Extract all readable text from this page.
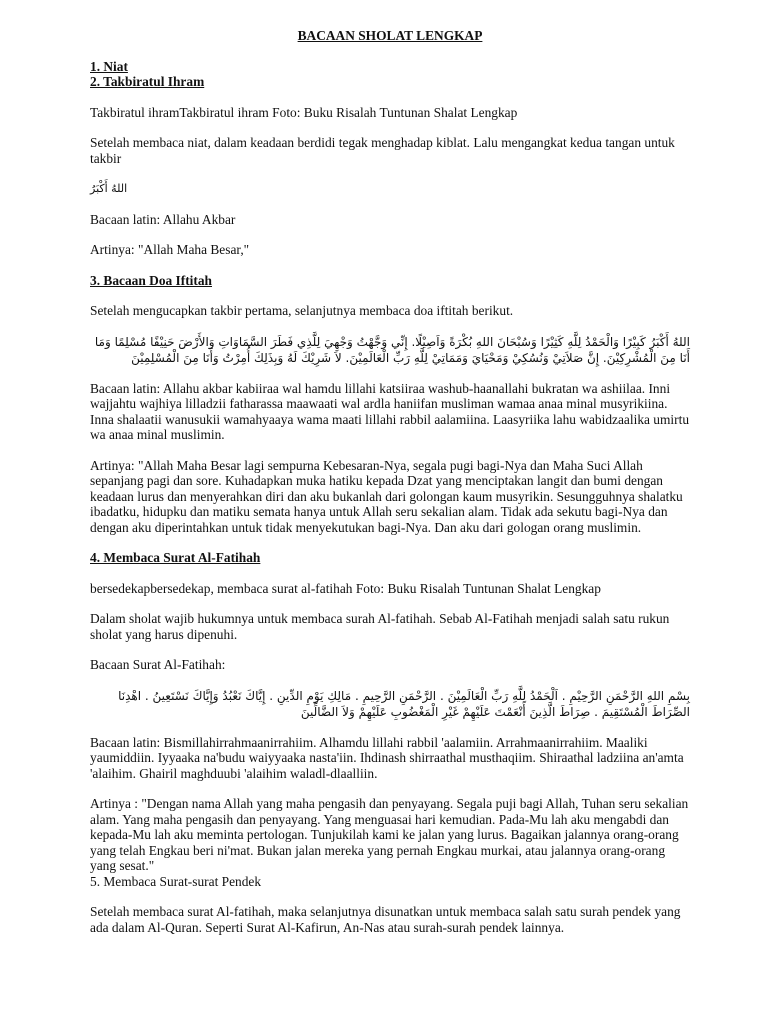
BACAAN SHOLAT LENGKAP

1. Niat

2. Takbiratul Ihram

Takbiratul ihramTakbiratul ihram Foto: Buku Risalah Tuntunan Shalat Lengkap

Setelah membaca niat, dalam keadaan berdidi tegak menghadap kiblat. Lalu mengangkat kedua tangan untuk takbir

اللهُ أَكْبَرُ

Bacaan latin: Allahu Akbar

Artinya: "Allah Maha Besar,"

3. Bacaan Doa Iftitah

Setelah mengucapkan takbir pertama, selanjutnya membaca doa iftitah berikut.

اللهُ أَكْبَرُ كَبِيْرًا وَالْحَمْدُ لِلَّهِ كَثِيْرًا وَسُبْحَانَ اللهِ بُكْرَةً وَاَصِيْلًا. إِنِّي وَجَّهْتُ وَجْهِيَ لِلَّذِي فَطَرَ السَّمَاوَاتِ وَالأَرْضَ حَنِيْفًا مُسْلِمًا وَمَا أَنَا مِنَ الْمُشْرِكِيْنَ. إِنَّ صَلاَتِيْ وَنُسُكِيْ وَمَحْيَايَ وَمَمَاتِيْ لِلَّهِ رَبِّ الْعَالَمِيْنَ. لاَ شَرِيْكَ لَهُ وَبِذَلِكَ أُمِرْتُ وَأَنَا مِنَ الْمُسْلِمِيْنَ

Bacaan latin: Allahu akbar kabiiraa wal hamdu lillahi katsiiraa washub-haanallahi bukratan wa ashiilaa. Inni wajjahtu wajhiya lilladzii fatharassa maawaati wal ardla haniifan musliman wamaa anaa minal musyrikiina. Inna shalaatii wanusukii wamahyaaya wama maati lillahi rabbil aalamiina. Laasyriika lahu wabidzaalika umirtu wa anaa minal muslimin.

Artinya: "Allah Maha Besar lagi sempurna Kebesaran-Nya, segala pugi bagi-Nya dan Maha Suci Allah sepanjang pagi dan sore. Kuhadapkan muka hatiku kepada Dzat yang menciptakan langit dan bumi dengan keadaan lurus dan menyerahkan diri dan aku bukanlah dari golongan kaum musyrikin. Sesungguhnya shalatku ibadatku, hidupku dan matiku semata hanya untuk Allah seru sekalian alam. Tidak ada sekutu bagi-Nya dan dengan aku diperintahkan untuk tidak menyekutukan bagi-Nya. Dan aku dari gologan orang muslimin.

4. Membaca Surat Al-Fatihah

bersedekapbersedekap, membaca surat al-fatihah Foto: Buku Risalah Tuntunan Shalat Lengkap

Dalam sholat wajib hukumnya untuk membaca surah Al-fatihah. Sebab Al-Fatihah menjadi salah satu rukun sholat yang harus dipenuhi.

Bacaan Surat Al-Fatihah:

بِسْمِ اللهِ الرَّحْمَنِ الرَّحِيْمِ . اَلْحَمْدُ لِلَّهِ رَبِّ الْعَالَمِيْنَ . الرَّحْمَنِ الرَّحِيمِ . مَالِكِ يَوْمِ الدِّينِ . إِيَّاكَ نَعْبُدُ وَإِيَّاكَ نَسْتَعِينُ . اهْدِنَا الصِّرَاطَ الْمُسْتَقِيمَ . صِرَاطَ الَّذِينَ أَنْعَمْتَ عَلَيْهِمْ غَيْرِ الْمَغْضُوبِ عَلَيْهِمْ وَلاَ الضَّالِّينَ

Bacaan latin: Bismillahirrahmaanirrahiim. Alhamdu lillahi rabbil 'aalamiin. Arrahmaanirrahiim. Maaliki yaumiddiin. Iyyaaka na'budu waiyyaaka nasta'iin. Ihdinash shirraathal musthaqiim. Shiraathal ladziina an'amta 'alaihim. Ghairil maghduubi 'alaihim waladl-dlaalliin.

Artinya : "Dengan nama Allah yang maha pengasih dan penyayang. Segala puji bagi Allah, Tuhan seru sekalian alam. Yang maha pengasih dan penyayang. Yang menguasai hari kemudian. Pada-Mu lah aku mengabdi dan kepada-Mu lah aku meminta pertologan. Tunjukilah kami ke jalan yang lurus. Bagaikan jalannya orang-orang yang telah Engkau beri ni'mat. Bukan jalan mereka yang pernah Engkau murkai, atau jalannya orang-orang yang sesat."

5. Membaca Surat-surat Pendek

Setelah membaca surat Al-fatihah, maka selanjutnya disunatkan untuk membaca salah satu surah pendek yang ada dalam Al-Quran. Seperti Surat Al-Kafirun, An-Nas atau surah-surah pendek lainnya.
